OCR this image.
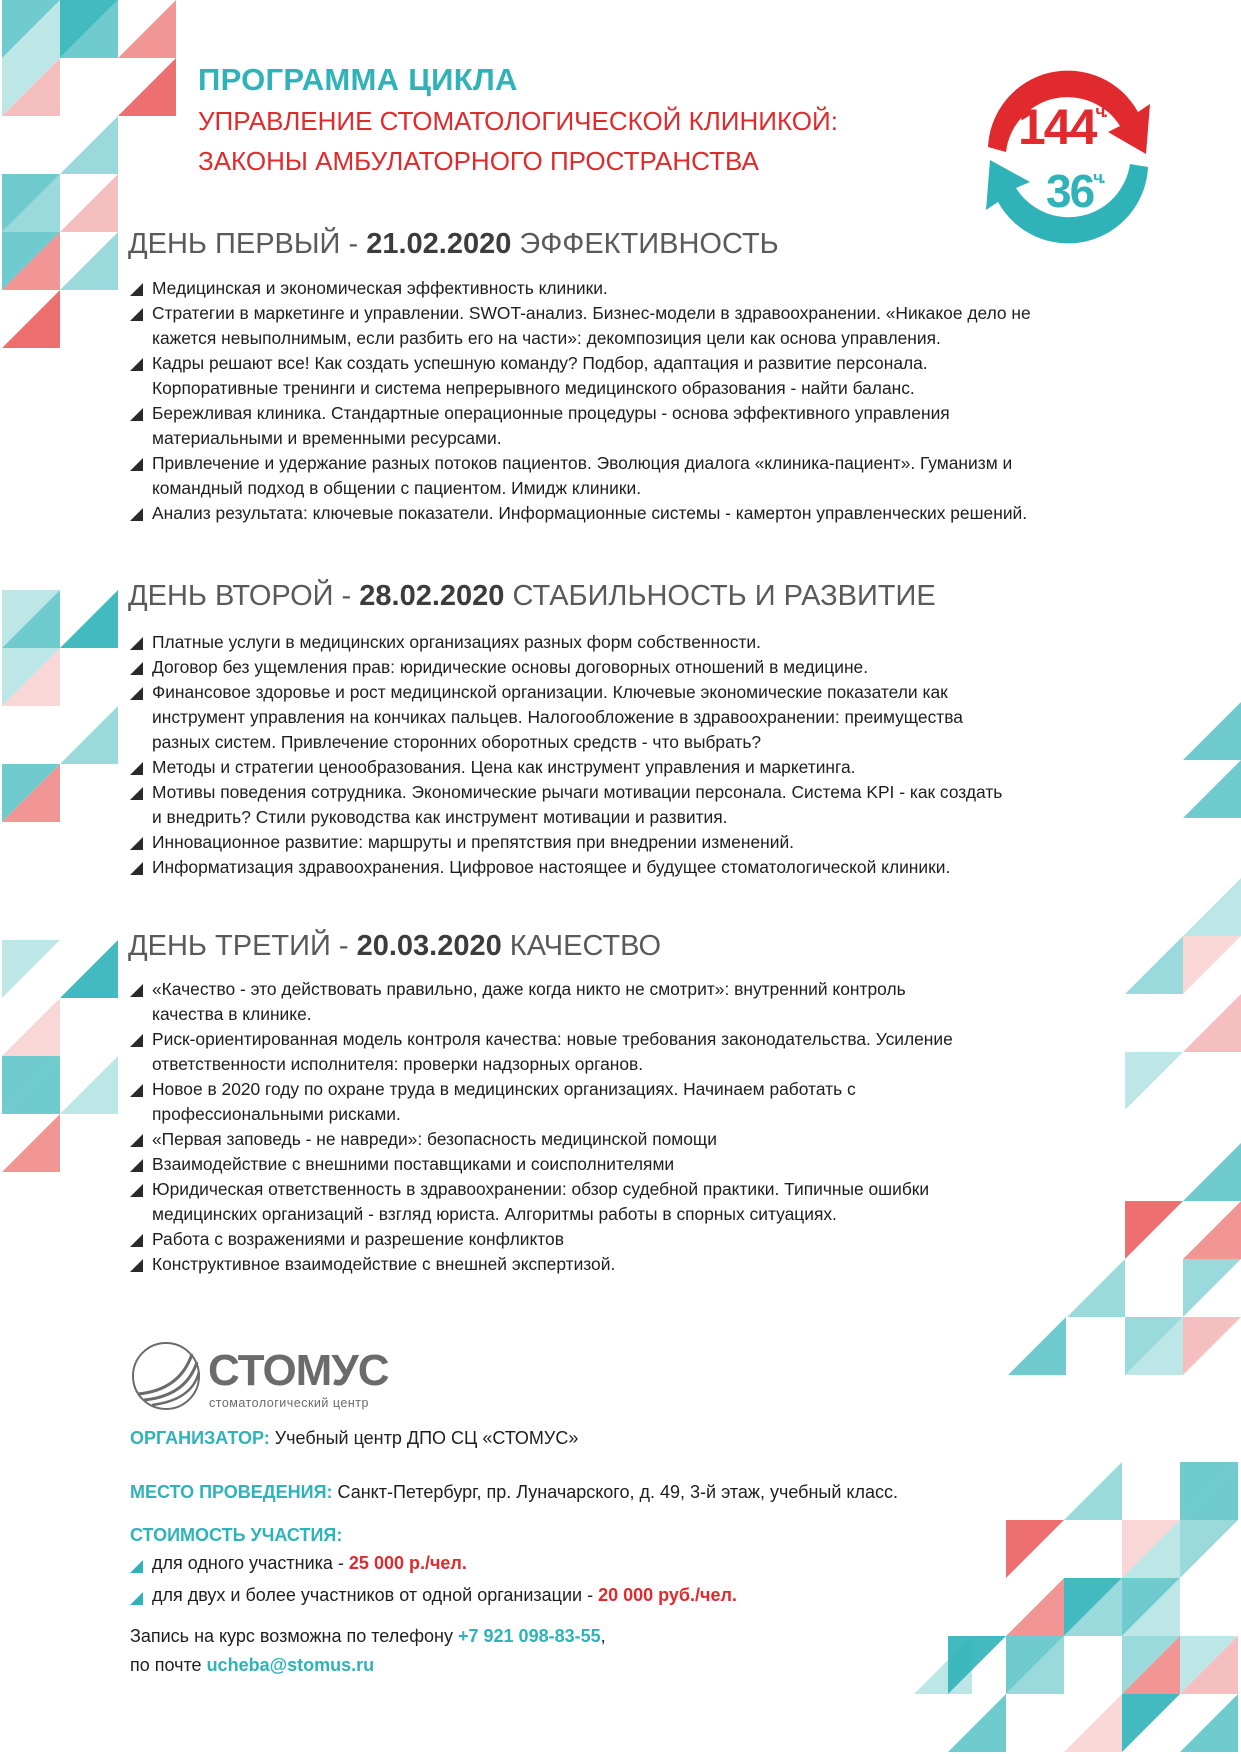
ПРОГРАММА ЦИКЛА
УПРАВЛЕНИЕ СТОМАТОЛОГИЧЕСКОЙ КЛИНИКОЙ:
ЗАКОНЫ АМБУЛАТОРНОГО ПРОСТРАНСТВА
$144^{ч.}$
$36^{ч.}$
ДЕНЬ ПЕРВЫЙ - 21.02.2020 ЭФФЕКТИВНОСТЬ
Медицинская и экономическая эффективность клиники.
Стратегии в маркетинге и управлении. SWOT-анализ. Бизнес-модели в здравоохранении. «Никакое дело не
кажется невыполнимым, если разбить его на части»: декомпозиция цели как основа управления.
Кадры решают все! Как создать успешную команду? Подбор, адаптация и развитие персонала.
Корпоративные тренинги и система непрерывного медицинского образования - найти баланс.
Бережливая клиника. Стандартные операционные процедуры - основа эффективного управления
материальными и временными ресурсами.
Привлечение и удержание разных потоков пациентов. Эволюция диалога «клиника-пациент». Гуманизм и
командный подход в общении с пациентом. Имидж клиники.
Анализ результата: ключевые показатели. Информационные системы - камертон управленческих решений.
ДЕНЬ ВТОРОЙ - 28.02.2020 СТАБИЛЬНОСТЬ И РАЗВИТИЕ
Платные услуги в медицинских организациях разных форм собственности.
Договор без ущемления прав: юридические основы договорных отношений в медицине.
Финансовое здоровье и рост медицинской организации. Ключевые экономические показатели как
инструмент управления на кончиках пальцев. Налогообложение в здравоохранении: преимущества
разных систем. Привлечение сторонних оборотных средств - что выбрать?
Методы и стратегии ценообразования. Цена как инструмент управления и маркетинга.
Мотивы поведения сотрудника. Экономические рычаги мотивации персонала. Система KPI - как создать
и внедрить? Стили руководства как инструмент мотивации и развития.
Инновационное развитие: маршруты и препятствия при внедрении изменений.
Информатизация здравоохранения. Цифровое настоящее и будущее стоматологической клиники.
ДЕНЬ ТРЕТИЙ - 20.03.2020 КАЧЕСТВО
«Качество - это действовать правильно, даже когда никто не смотрит»: внутренний контроль
качества в клинике.
Риск-ориентированная модель контроля качества: новые требования законодательства. Усиление
ответственности исполнителя: проверки надзорных органов.
Новое в 2020 году по охране труда в медицинских организациях. Начинаем работать с
профессиональными рисками.
«Первая заповедь - не навреди»: безопасность медицинской помощи
Взаимодействие с внешними поставщиками и соисполнителями
Юридическая ответственность в здравоохранении: обзор судебной практики. Типичные ошибки
медицинских организаций - взгляд юриста. Алгоритмы работы в спорных ситуациях.
Работа с возражениями и разрешение конфликтов
Конструктивное взаимодействие с внешней экспертизой.
СТОМУС
стоматологический центр
ОРГАНИЗАТОР: Учебный центр ДПО СЦ «СТОМУС»
МЕСТО ПРОВЕДЕНИЯ: Санкт-Петербург, пр. Луначарского, д. 49, 3-й этаж, учебный класс.
СТОИМОСТЬ УЧАСТИЯ:
для одного участника - 25 000 р./чел.
для двух и более участников от одной организации - 20 000 руб./чел.
Запись на курс возможна по телефону +7 921 098-83-55,
по почте ucheba@stomus.ru
